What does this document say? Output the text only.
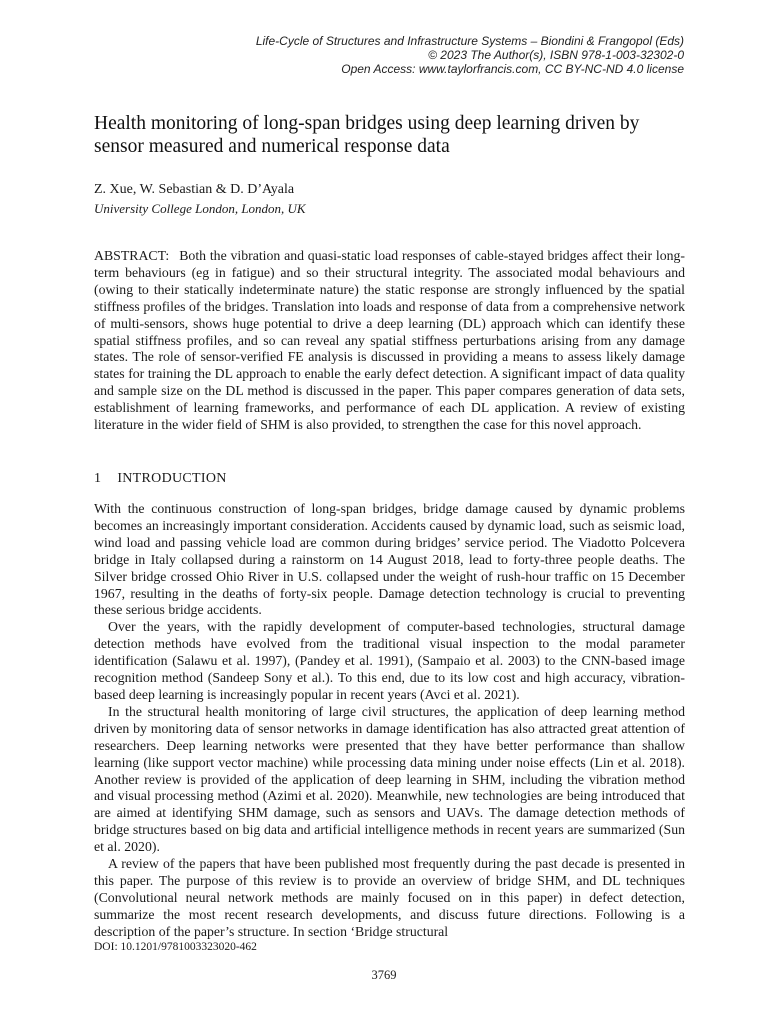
Life-Cycle of Structures and Infrastructure Systems – Biondini & Frangopol (Eds)
© 2023 The Author(s), ISBN 978-1-003-32302-0
Open Access: www.taylorfrancis.com, CC BY-NC-ND 4.0 license
Health monitoring of long-span bridges using deep learning driven by sensor measured and numerical response data
Z. Xue, W. Sebastian & D. D’Ayala
University College London, London, UK
ABSTRACT: Both the vibration and quasi-static load responses of cable-stayed bridges affect their long-term behaviours (eg in fatigue) and so their structural integrity. The associated modal behaviours and (owing to their statically indeterminate nature) the static response are strongly influenced by the spatial stiffness profiles of the bridges. Translation into loads and response of data from a comprehensive network of multi-sensors, shows huge potential to drive a deep learning (DL) approach which can identify these spatial stiffness profiles, and so can reveal any spatial stiffness perturbations arising from any damage states. The role of sensor-verified FE analysis is discussed in providing a means to assess likely damage states for training the DL approach to enable the early defect detection. A significant impact of data quality and sample size on the DL method is discussed in the paper. This paper compares generation of data sets, establishment of learning frameworks, and performance of each DL application. A review of existing literature in the wider field of SHM is also provided, to strengthen the case for this novel approach.
1 INTRODUCTION

With the continuous construction of long-span bridges, bridge damage caused by dynamic problems becomes an increasingly important consideration. Accidents caused by dynamic load, such as seismic load, wind load and passing vehicle load are common during bridges’ service period. The Viadotto Polcevera bridge in Italy collapsed during a rainstorm on 14 August 2018, lead to forty-three people deaths. The Silver bridge crossed Ohio River in U.S. collapsed under the weight of rush-hour traffic on 15 December 1967, resulting in the deaths of forty-six people. Damage detection technology is crucial to preventing these serious bridge accidents.

Over the years, with the rapidly development of computer-based technologies, structural damage detection methods have evolved from the traditional visual inspection to the modal parameter identification (Salawu et al. 1997), (Pandey et al. 1991), (Sampaio et al. 2003) to the CNN-based image recognition method (Sandeep Sony et al.). To this end, due to its low cost and high accuracy, vibration-based deep learning is increasingly popular in recent years (Avci et al. 2021).

In the structural health monitoring of large civil structures, the application of deep learning method driven by monitoring data of sensor networks in damage identification has also attracted great attention of researchers. Deep learning networks were presented that they have better performance than shallow learning (like support vector machine) while processing data mining under noise effects (Lin et al. 2018). Another review is provided of the application of deep learning in SHM, including the vibration method and visual processing method (Azimi et al. 2020). Meanwhile, new technologies are being introduced that are aimed at identifying SHM damage, such as sensors and UAVs. The damage detection methods of bridge structures based on big data and artificial intelligence methods in recent years are summarized (Sun et al. 2020).

A review of the papers that have been published most frequently during the past decade is presented in this paper. The purpose of this review is to provide an overview of bridge SHM, and DL techniques (Convolutional neural network methods are mainly focused on in this paper) in defect detection, summarize the most recent research developments, and discuss future directions. Following is a description of the paper’s structure. In section ‘Bridge structural

DOI: 10.1201/9781003323020-462
3769
